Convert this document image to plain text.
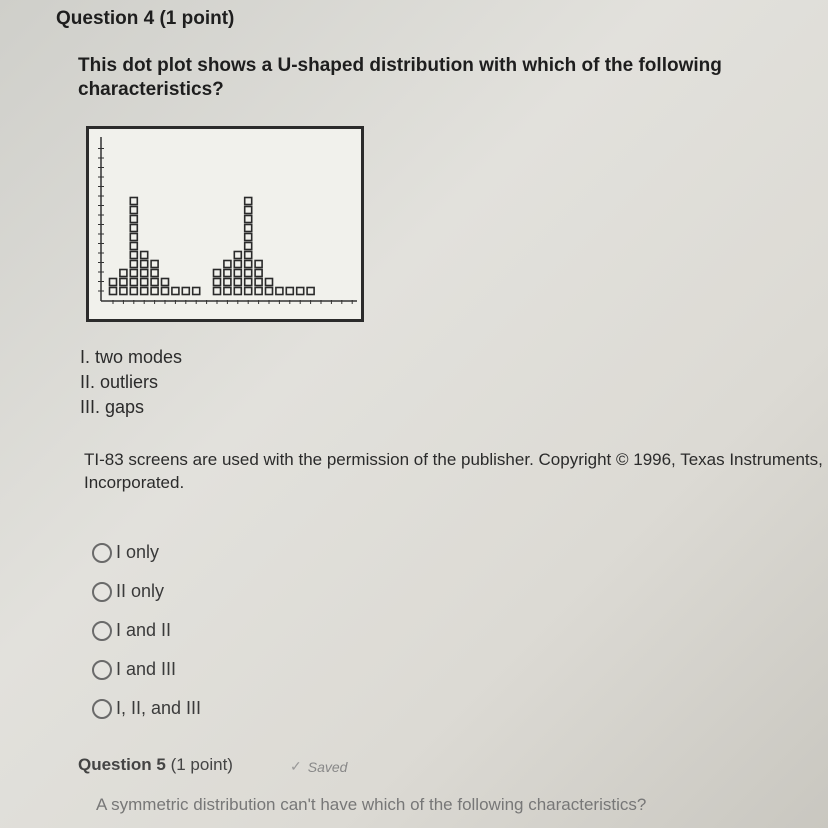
Question 4 (1 point)
This dot plot shows a U-shaped distribution with which of the following characteristics?
I. two modes
II. outliers
III. gaps
TI-83 screens are used with the permission of the publisher. Copyright © 1996, Texas Instruments, Incorporated.
I only
II only
I and II
I and III
I, II, and III
Question 5 (1 point)	✓ Saved
A symmetric distribution can't have which of the following characteristics?
